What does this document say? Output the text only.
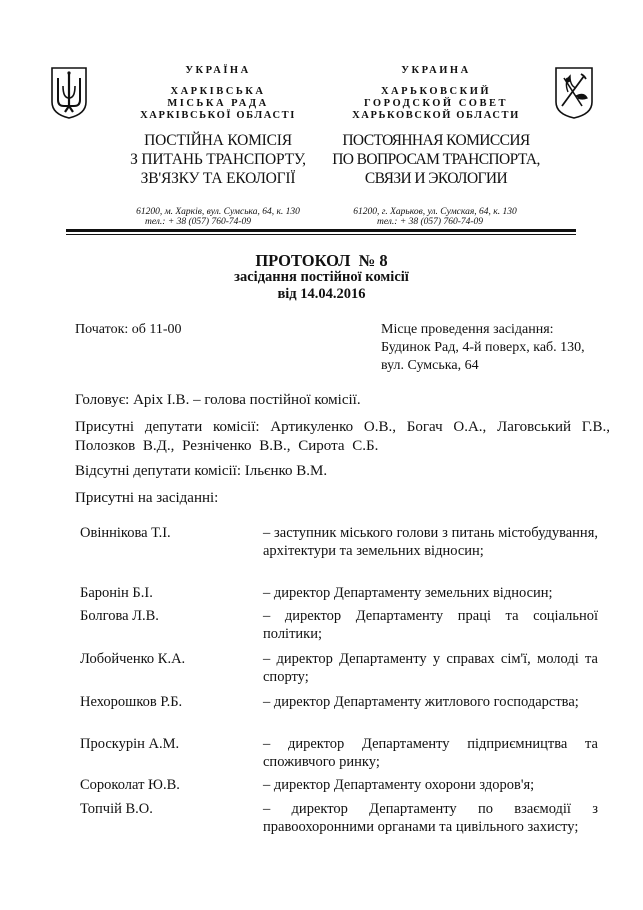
УКРАЇНА
ХАРКІВСЬКА
МІСЬКА РАДА
ХАРКІВСЬКОЇ ОБЛАСТІ
ПОСТІЙНА КОМІСІЯ
З ПИТАНЬ ТРАНСПОРТУ,
ЗВ'ЯЗКУ ТА ЕКОЛОГІЇ
61200, м. Харків, вул. Сумська, 64, к. 130
тел.: + 38 (057) 760-74-09
УКРАИНА
ХАРЬКОВСКИЙ
ГОРОДСКОЙ СОВЕТ
ХАРЬКОВСКОЙ ОБЛАСТИ
ПОСТОЯННАЯ КОМИССИЯ
ПО ВОПРОСАМ ТРАНСПОРТА,
СВЯЗИ И ЭКОЛОГИИ
61200, г. Харьков, ул. Сумская, 64, к. 130
тел.: + 38 (057) 760-74-09
ПРОТОКОЛ  № 8
засідання постійної комісії
від 14.04.2016
Початок: об 11-00	Місце проведення засідання:
Будинок Рад, 4-й поверх, каб. 130,
вул. Сумська, 64
Головує: Аріх І.В. – голова постійної комісії.
Присутні депутати комісії: Артикуленко О.В., Богач О.А., Лаговський Г.В., Полозков В.Д., Резніченко В.В., Сирота С.Б.
Відсутні депутати комісії: Ільєнко В.М.
Присутні на засіданні:
Овіннікова Т.І.	– заступник міського голови з питань містобудування, архітектури та земельних відносин;
Баронін Б.І.	– директор Департаменту земельних відносин;
Болгова Л.В.	– директор Департаменту праці та соціальної політики;
Лобойченко К.А.	– директор Департаменту у справах сім'ї, молоді та спорту;
Нехорошков Р.Б.	– директор Департаменту житлового господарства;
Проскурін А.М.	– директор Департаменту підприємництва та споживчого ринку;
Сороколат Ю.В.	– директор Департаменту охорони здоров'я;
Топчій В.О.	– директор Департаменту по взаємодії з правоохоронними органами та цивільного захисту;
